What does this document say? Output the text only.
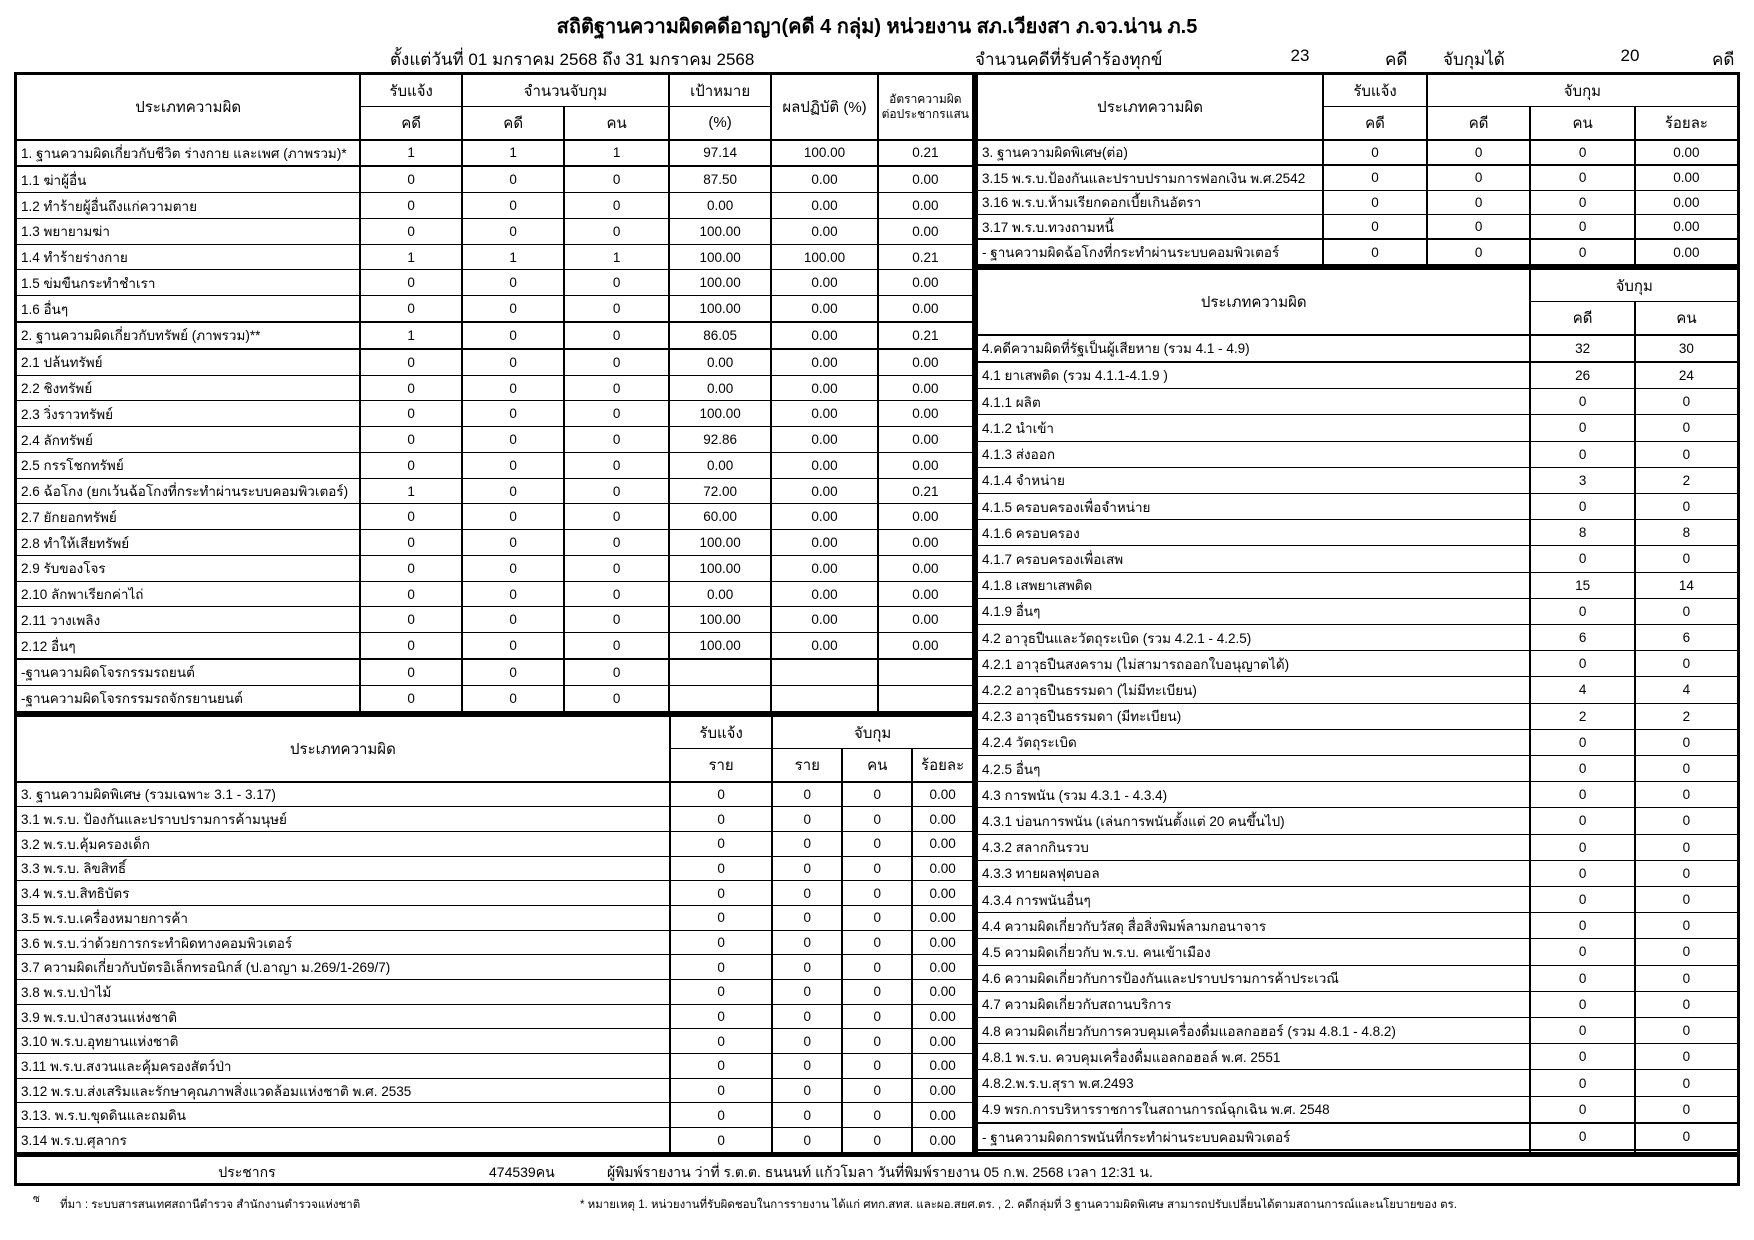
สถิติฐานความผิดคดีอาญา(คดี 4 กลุ่ม) หน่วยงาน สภ.เวียงสา ภ.จว.น่าน ภ.5
ตั้งแต่วันที่ 01 มกราคม 2568 ถึง 31 มกราคม 2568	จำนวนคดีที่รับคำร้องทุกข์	23	คดี จับกุมได้	20	คดี
ประเภทความผิด	รับแจ้ง	จำนวนจับกุม		เป้าหมาย	ผลปฏิบัติ (%)	อัตราความผิด
ต่อประชากรแสน
	คดี	คดี	คน	(%)		
1. ฐานความผิดเกี่ยวกับชีวิต ร่างกาย และเพศ (ภาพรวม)*	1	1	1	97.14	100.00	0.21
1.1 ฆ่าผู้อื่น	0	0	0	87.50	0.00	0.00
1.2 ทำร้ายผู้อื่นถึงแก่ความตาย	0	0	0	0.00	0.00	0.00
1.3 พยายามฆ่า	0	0	0	100.00	0.00	0.00
1.4 ทำร้ายร่างกาย	1	1	1	100.00	100.00	0.21
1.5 ข่มขืนกระทำชำเรา	0	0	0	100.00	0.00	0.00
1.6 อื่นๆ	0	0	0	100.00	0.00	0.00
2. ฐานความผิดเกี่ยวกับทรัพย์ (ภาพรวม)**	1	0	0	86.05	0.00	0.21
2.1 ปล้นทรัพย์	0	0	0	0.00	0.00	0.00
2.2 ชิงทรัพย์	0	0	0	0.00	0.00	0.00
2.3 วิ่งราวทรัพย์	0	0	0	100.00	0.00	0.00
2.4 ลักทรัพย์	0	0	0	92.86	0.00	0.00
2.5 กรรโชกทรัพย์	0	0	0	0.00	0.00	0.00
2.6 ฉ้อโกง (ยกเว้นฉ้อโกงที่กระทำผ่านระบบคอมพิวเตอร์)	1	0	0	72.00	0.00	0.21
2.7 ยักยอกทรัพย์	0	0	0	60.00	0.00	0.00
2.8 ทำให้เสียทรัพย์	0	0	0	100.00	0.00	0.00
2.9 รับของโจร	0	0	0	100.00	0.00	0.00
2.10 ลักพาเรียกค่าไถ่	0	0	0	0.00	0.00	0.00
2.11 วางเพลิง	0	0	0	100.00	0.00	0.00
2.12 อื่นๆ	0	0	0	100.00	0.00	0.00
-ฐานความผิดโจรกรรมรถยนต์	0	0	0			
-ฐานความผิดโจรกรรมรถจักรยานยนต์	0	0	0			
ประเภทความผิด	รับแจ้ง	จับกุม		
	ราย	ราย	คน	ร้อยละ
3. ฐานความผิดพิเศษ (รวมเฉพาะ 3.1 - 3.17)	0	0	0	0.00
3.1 พ.ร.บ. ป้องกันและปราบปรามการค้ามนุษย์	0	0	0	0.00
3.2 พ.ร.บ.คุ้มครองเด็ก	0	0	0	0.00
3.3 พ.ร.บ. ลิขสิทธิ์	0	0	0	0.00
3.4 พ.ร.บ.สิทธิบัตร	0	0	0	0.00
3.5 พ.ร.บ.เครื่องหมายการค้า	0	0	0	0.00
3.6 พ.ร.บ.ว่าด้วยการกระทำผิดทางคอมพิวเตอร์	0	0	0	0.00
3.7 ความผิดเกี่ยวกับบัตรอิเล็กทรอนิกส์ (ป.อาญา ม.269/1-269/7)	0	0	0	0.00
3.8 พ.ร.บ.ป่าไม้	0	0	0	0.00
3.9 พ.ร.บ.ป่าสงวนแห่งชาติ	0	0	0	0.00
3.10 พ.ร.บ.อุทยานแห่งชาติ	0	0	0	0.00
3.11 พ.ร.บ.สงวนและคุ้มครองสัตว์ป่า	0	0	0	0.00
3.12 พ.ร.บ.ส่งเสริมและรักษาคุณภาพสิ่งแวดล้อมแห่งชาติ พ.ศ. 2535	0	0	0	0.00
3.13. พ.ร.บ.ขุดดินและถมดิน	0	0	0	0.00
3.14 พ.ร.บ.ศุลากร	0	0	0	0.00
ประเภทความผิด	รับแจ้ง	จับกุม		
	คดี	คดี	คน	ร้อยละ
3. ฐานความผิดพิเศษ(ต่อ)	0	0	0	0.00
3.15 พ.ร.บ.ป้องกันและปราบปรามการฟอกเงิน พ.ศ.2542	0	0	0	0.00
3.16 พ.ร.บ.ห้ามเรียกดอกเบี้ยเกินอัตรา	0	0	0	0.00
3.17 พ.ร.บ.ทวงถามหนี้	0	0	0	0.00
- ฐานความผิดฉ้อโกงที่กระทำผ่านระบบคอมพิวเตอร์	0	0	0	0.00
ประเภทความผิด	จับกุม	
	คดี	คน
4.คดีความผิดที่รัฐเป็นผู้เสียหาย (รวม 4.1 - 4.9)	32	30
4.1 ยาเสพติด (รวม 4.1.1-4.1.9 )	26	24
4.1.1 ผลิต	0	0
4.1.2 นำเข้า	0	0
4.1.3 ส่งออก	0	0
4.1.4 จำหน่าย	3	2
4.1.5 ครอบครองเพื่อจำหน่าย	0	0
4.1.6 ครอบครอง	8	8
4.1.7 ครอบครองเพื่อเสพ	0	0
4.1.8 เสพยาเสพติด	15	14
4.1.9 อื่นๆ	0	0
4.2 อาวุธปืนและวัตถุระเบิด (รวม 4.2.1 - 4.2.5)	6	6
4.2.1 อาวุธปืนสงคราม (ไม่สามารถออกใบอนุญาตได้)	0	0
4.2.2 อาวุธปืนธรรมดา (ไม่มีทะเบียน)	4	4
4.2.3 อาวุธปืนธรรมดา (มีทะเบียน)	2	2
4.2.4 วัตถุระเบิด	0	0
4.2.5 อื่นๆ	0	0
4.3 การพนัน (รวม 4.3.1 - 4.3.4)	0	0
4.3.1 บ่อนการพนัน (เล่นการพนันตั้งแต่ 20 คนขึ้นไป)	0	0
4.3.2 สลากกินรวบ	0	0
4.3.3 ทายผลฟุตบอล	0	0
4.3.4 การพนันอื่นๆ	0	0
4.4 ความผิดเกี่ยวกับวัสดุ สื่อสิ่งพิมพ์ลามกอนาจาร	0	0
4.5 ความผิดเกี่ยวกับ พ.ร.บ. คนเข้าเมือง	0	0
4.6 ความผิดเกี่ยวกับการป้องกันและปราบปรามการค้าประเวณี	0	0
4.7 ความผิดเกี่ยวกับสถานบริการ	0	0
4.8 ความผิดเกี่ยวกับการควบคุมเครื่องดื่มแอลกอฮอร์ (รวม 4.8.1 - 4.8.2)	0	0
4.8.1 พ.ร.บ. ควบคุมเครื่องดื่มแอลกอฮอล์ พ.ศ. 2551	0	0
4.8.2.พ.ร.บ.สุรา พ.ศ.2493	0	0
4.9 พรก.การบริหารราชการในสถานการณ์ฉุกเฉิน พ.ศ. 2548	0	0
- ฐานความผิดการพนันที่กระทำผ่านระบบคอมพิวเตอร์	0	0

ประชากร	474539คน	ผู้พิมพ์รายงาน ว่าที่ ร.ต.ต. ธนนนท์ แก้วโมลา วันที่พิมพ์รายงาน 05 ก.พ. 2568 เวลา 12:31 น.
ซ ที่มา : ระบบสารสนเทศสถานีตำรวจ สำนักงานตำรวจแห่งชาติ	* หมายเหตุ 1. หน่วยงานที่รับผิดชอบในการรายงาน ได้แก่ ศทก.สทส. และผอ.สยศ.ตร. , 2. คดีกลุ่มที่ 3 ฐานความผิดพิเศษ สามารถปรับเปลี่ยนได้ตามสถานการณ์และนโยบายของ ตร.
